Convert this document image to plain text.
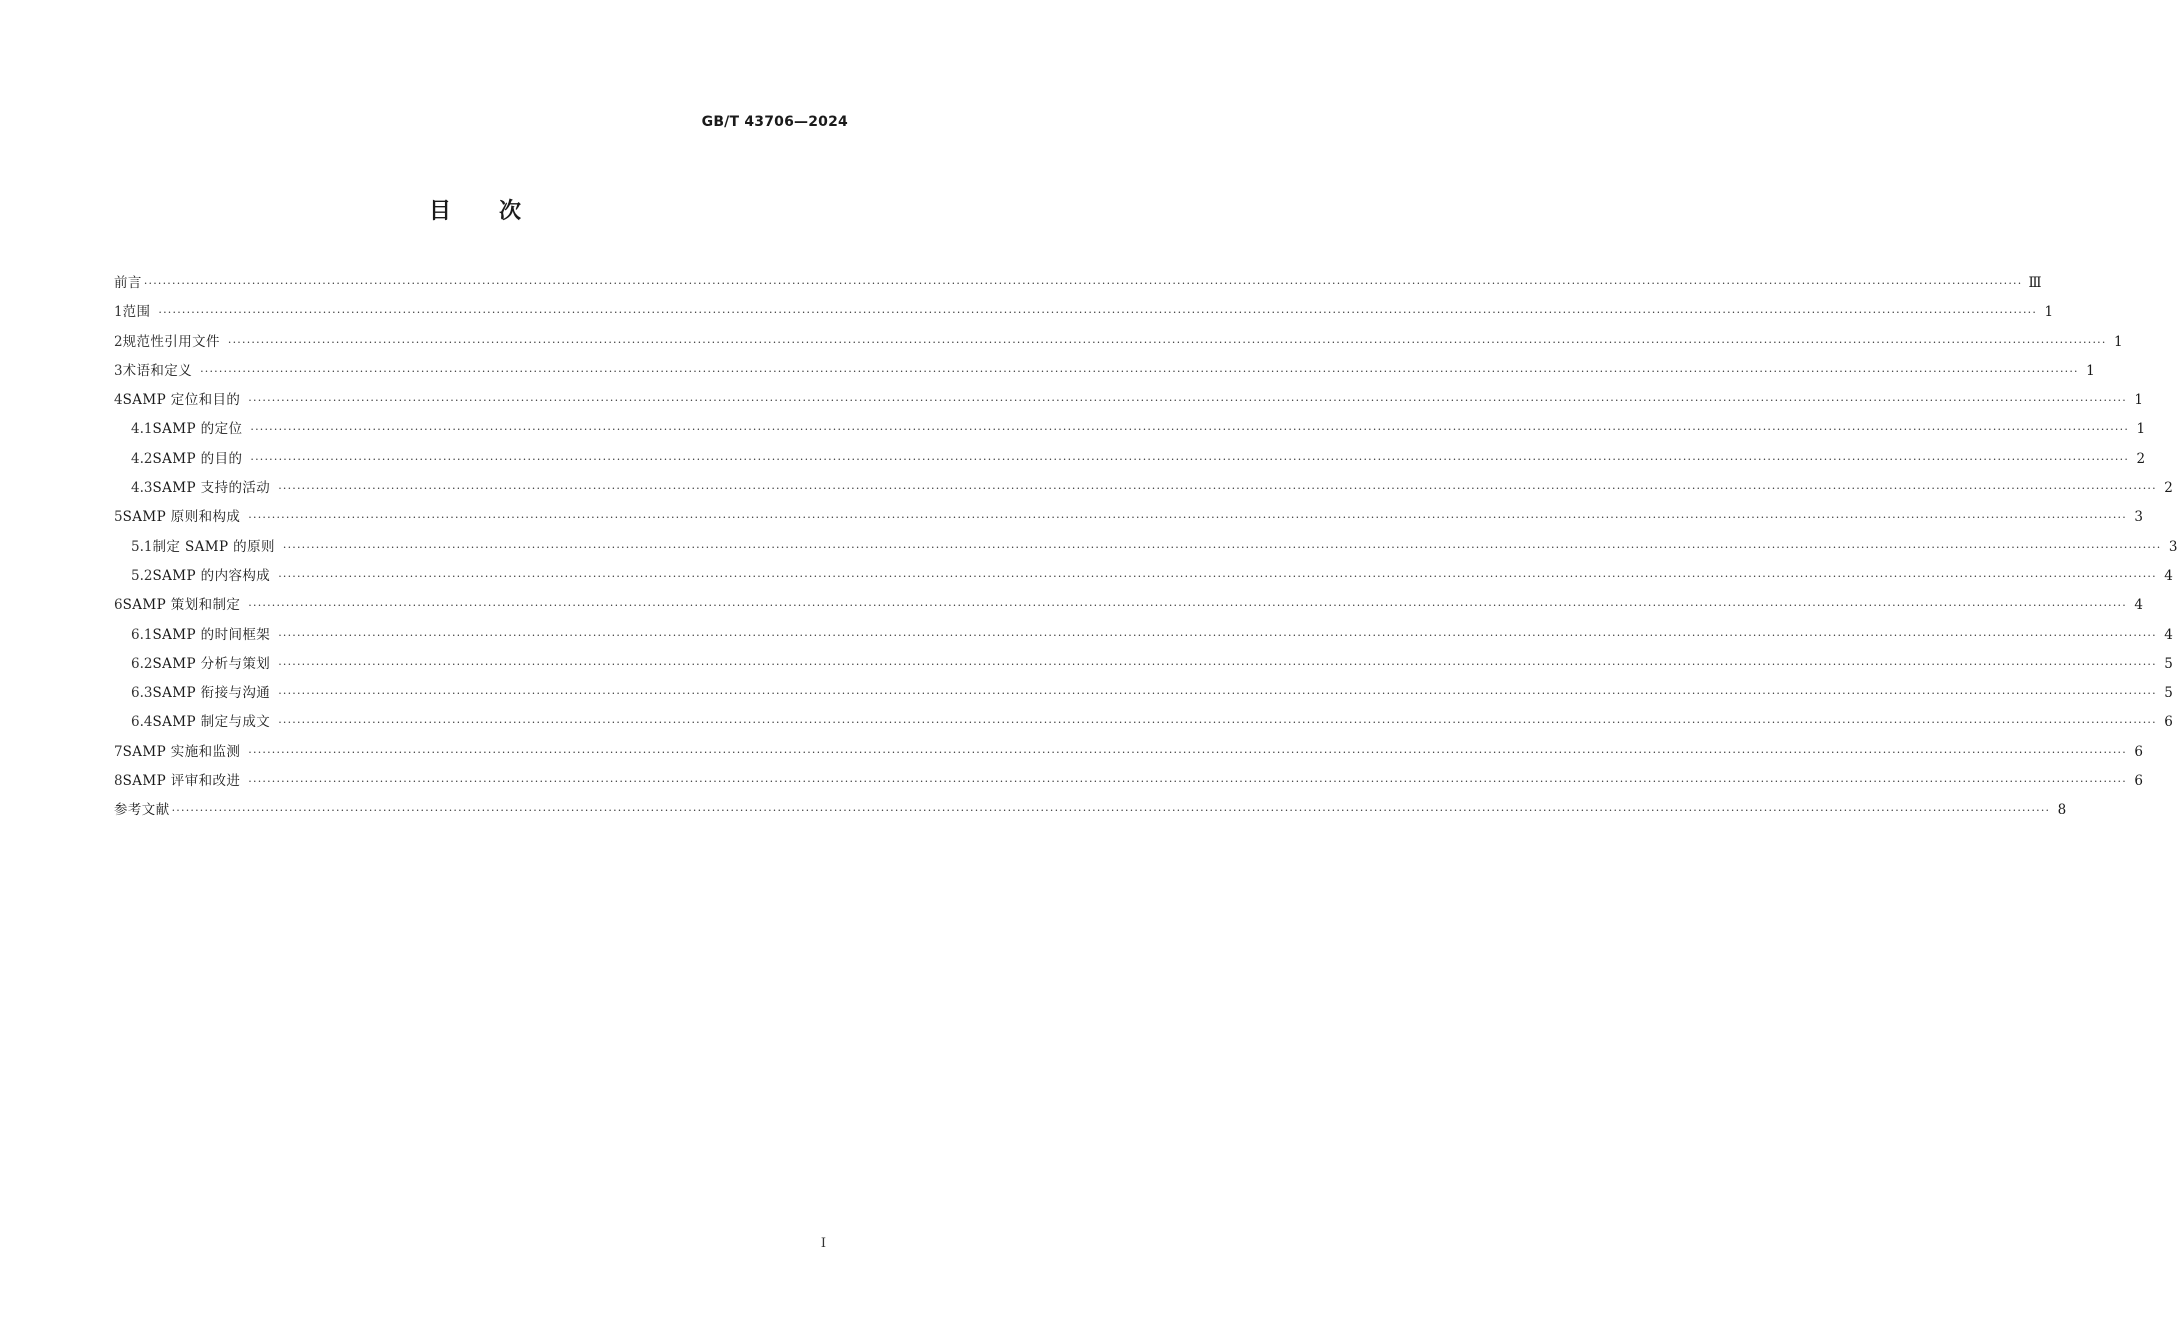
GB/T 43706—2024
目 次
前言 ················································································································································································································································································································································································································ Ⅲ
1 范围 ················································································································································································································································································································································································································ 1
2 规范性引用文件 ················································································································································································································································································································································································································ 1
3 术语和定义 ················································································································································································································································································································································································································ 1
4 SAMP 定位和目的 ················································································································································································································································································································································································································ 1
4.1 SAMP 的定位 ················································································································································································································································································································································································································ 1
4.2 SAMP 的目的 ················································································································································································································································································································································································································ 2
4.3 SAMP 支持的活动 ················································································································································································································································································································································································································ 2
5 SAMP 原则和构成 ················································································································································································································································································································································································································ 3
5.1 制定 SAMP 的原则 ················································································································································································································································································································································································································ 3
5.2 SAMP 的内容构成 ················································································································································································································································································································································································································ 4
6 SAMP 策划和制定 ················································································································································································································································································································································································································ 4
6.1 SAMP 的时间框架 ················································································································································································································································································································································································································ 4
6.2 SAMP 分析与策划 ················································································································································································································································································································································································································ 5
6.3 SAMP 衔接与沟通 ················································································································································································································································································································································································································ 5
6.4 SAMP 制定与成文 ················································································································································································································································································································································································································ 6
7 SAMP 实施和监测 ················································································································································································································································································································································································································ 6
8 SAMP 评审和改进 ················································································································································································································································································································································································································ 6
参考文献 ················································································································································································································································································································································································································ 8
I
